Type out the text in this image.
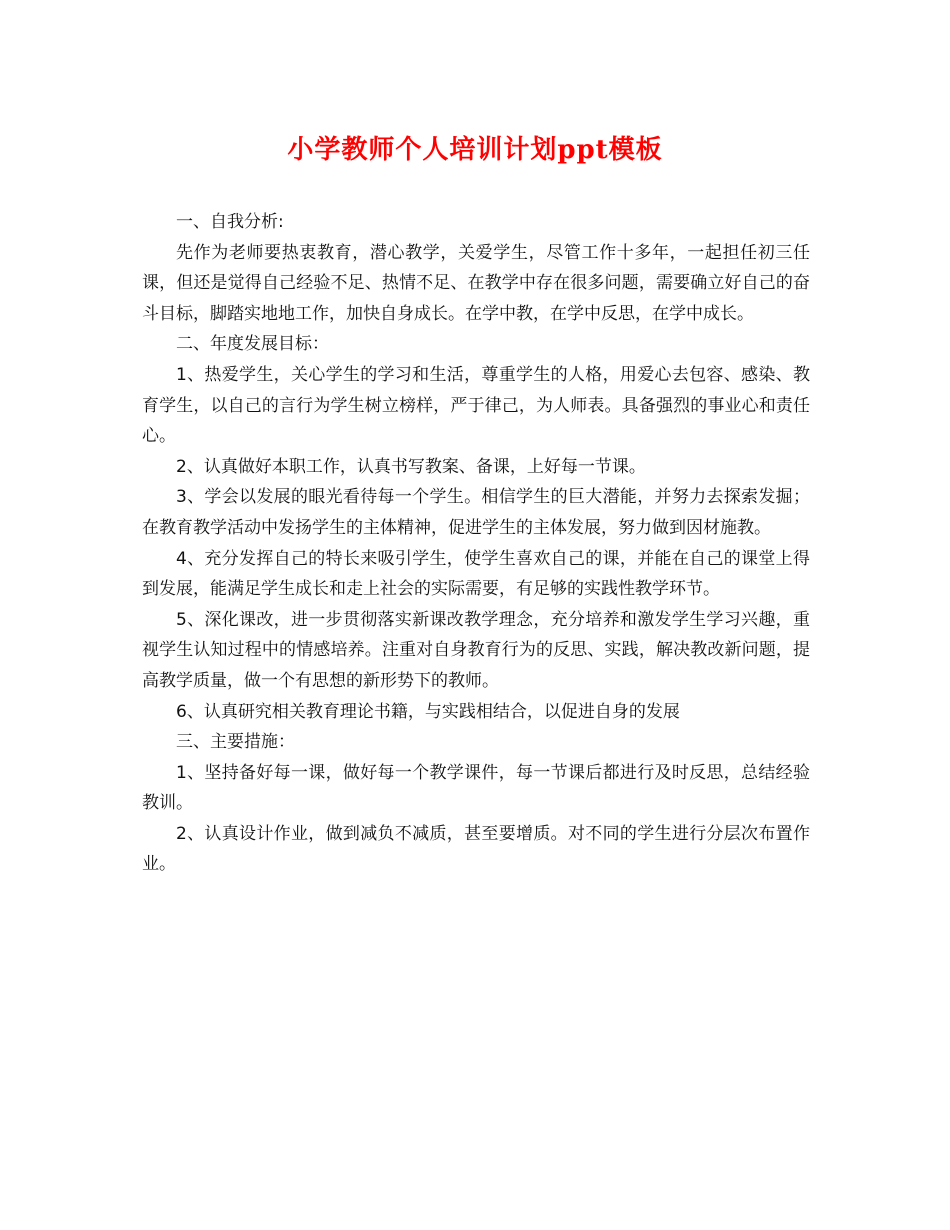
小学教师个人培训计划ppt模板

一、自我分析:

先作为老师要热衷教育，潜心教学，关爱学生，尽管工作十多年，一起担任初三任课，但还是觉得自己经验不足、热情不足、在教学中存在很多问题，需要确立好自己的奋斗目标，脚踏实地地工作，加快自身成长。在学中教，在学中反思，在学中成长。

二、年度发展目标：

1、热爱学生，关心学生的学习和生活，尊重学生的人格，用爱心去包容、感染、教育学生，以自己的言行为学生树立榜样，严于律己，为人师表。具备强烈的事业心和责任心。

2、认真做好本职工作，认真书写教案、备课，上好每一节课。

3、学会以发展的眼光看待每一个学生。相信学生的巨大潜能，并努力去探索发掘；在教育教学活动中发扬学生的主体精神，促进学生的主体发展，努力做到因材施教。

4、充分发挥自己的特长来吸引学生，使学生喜欢自己的课，并能在自己的课堂上得到发展，能满足学生成长和走上社会的实际需要，有足够的实践性教学环节。

5、深化课改，进一步贯彻落实新课改教学理念，充分培养和激发学生学习兴趣，重视学生认知过程中的情感培养。注重对自身教育行为的反思、实践，解决教改新问题，提高教学质量，做一个有思想的新形势下的教师。

6、认真研究相关教育理论书籍，与实践相结合，以促进自身的发展

三、主要措施：

1、坚持备好每一课，做好每一个教学课件，每一节课后都进行及时反思，总结经验教训。

2、认真设计作业，做到减负不减质，甚至要增质。对不同的学生进行分层次布置作业。
